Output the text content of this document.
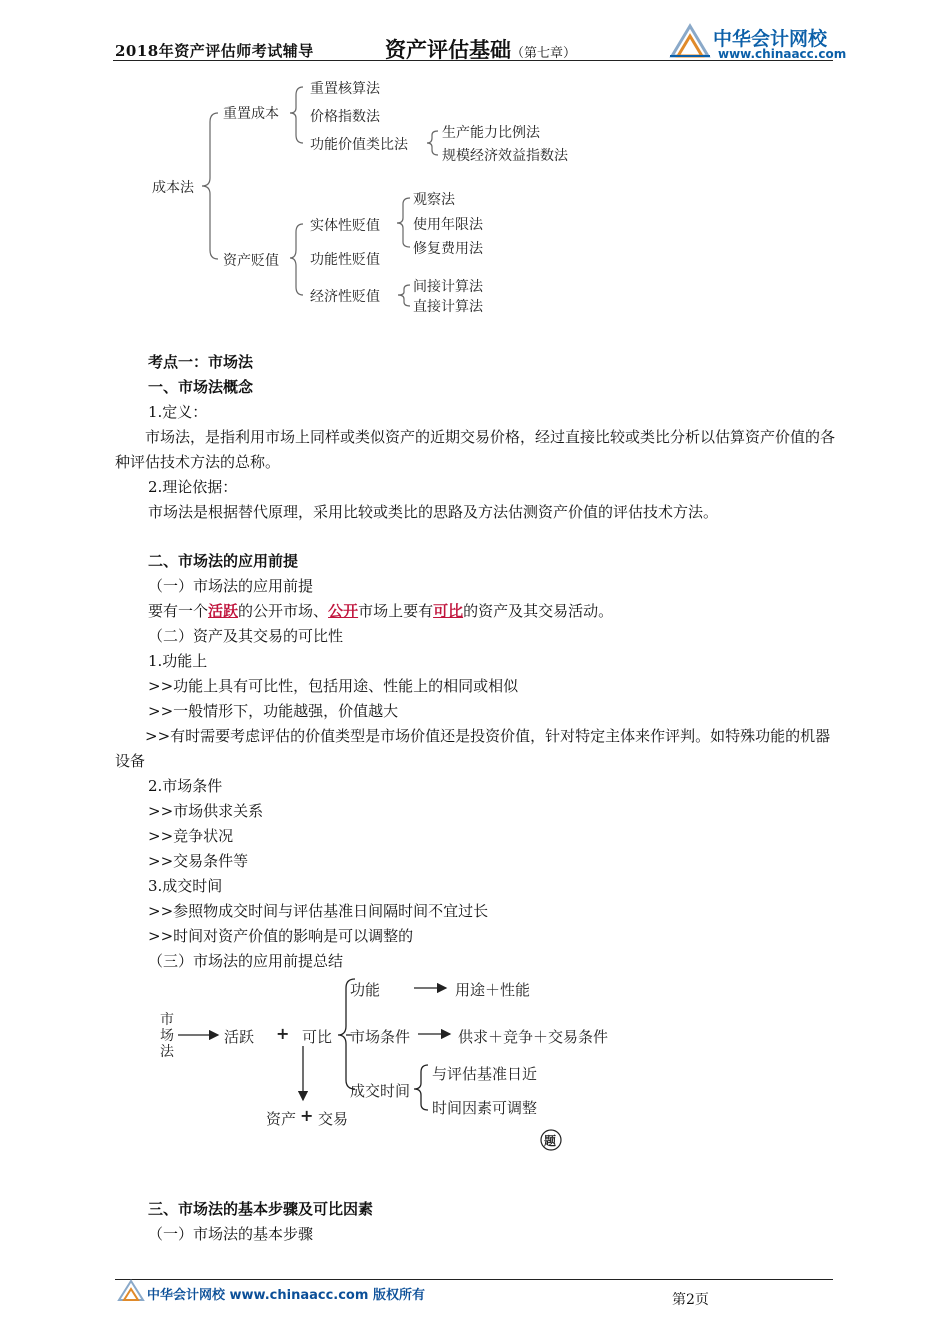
2018年资产评估师考试辅导	资产评估基础（第七章）
中华会计网校
www.chinaacc.com
成本法
重置成本
重置核算法
价格指数法
功能价值类比法
生产能力比例法
规模经济效益指数法
资产贬值
实体性贬值
功能性贬值
经济性贬值
观察法
使用年限法
修复费用法
间接计算法
直接计算法
考点一：市场法
一、市场法概念
1.定义：
市场法，是指利用市场上同样或类似资产的近期交易价格，经过直接比较或类比分析以估算资产价值的各种评估技术方法的总称。
2.理论依据：
市场法是根据替代原理，采用比较或类比的思路及方法估测资产价值的评估技术方法。
二、市场法的应用前提
（一）市场法的应用前提
要有一个活跃的公开市场、公开市场上要有可比的资产及其交易活动。
（二）资产及其交易的可比性
1.功能上
>>功能上具有可比性，包括用途、性能上的相同或相似
>>一般情形下，功能越强，价值越大
>>有时需要考虑评估的价值类型是市场价值还是投资价值，针对特定主体来作评判。如特殊功能的机器设备
2.市场条件
>>市场供求关系
>>竞争状况
>>交易条件等
3.成交时间
>>参照物成交时间与评估基准日间隔时间不宜过长
>>时间对资产价值的影响是可以调整的
（三）市场法的应用前提总结
市
场
法
活跃 + 可比
功能	用途＋性能
市场条件	供求＋竞争＋交易条件
成交时间
与评估基准日近
时间因素可调整
资产 + 交易
题
三、市场法的基本步骤及可比因素
（一）市场法的基本步骤
中华会计网校 www.chinaacc.com 版权所有	第2页
